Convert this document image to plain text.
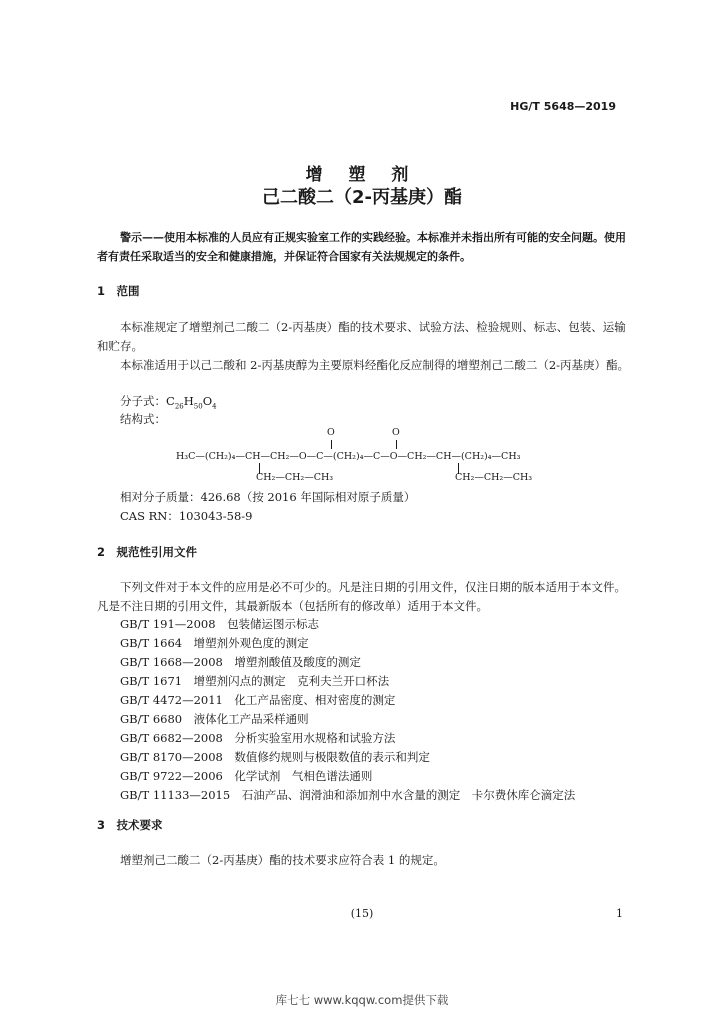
HG/T 5648—2019
增 塑 剂
己二酸二（2-丙基庚）酯
警示——使用本标准的人员应有正规实验室工作的实践经验。本标准并未指出所有可能的安全问题。使用者有责任采取适当的安全和健康措施，并保证符合国家有关法规规定的条件。
1　范围
本标准规定了增塑剂己二酸二（2-丙基庚）酯的技术要求、试验方法、检验规则、标志、包装、运输和贮存。
本标准适用于以己二酸和 2-丙基庚醇为主要原料经酯化反应制得的增塑剂己二酸二（2-丙基庚）酯。
分子式：$C_{26}H_{50}O_4$
结构式：
O	O
H₃C—(CH₂)₄—CH—CH₂—O—C—(CH₂)₄—C—O—CH₂—CH—(CH₂)₄—CH₃
CH₂—CH₂—CH₃	CH₂—CH₂—CH₃
相对分子质量：426.68（按 2016 年国际相对原子质量）
CAS RN：103043-58-9
2　规范性引用文件
下列文件对于本文件的应用是必不可少的。凡是注日期的引用文件，仅注日期的版本适用于本文件。凡是不注日期的引用文件，其最新版本（包括所有的修改单）适用于本文件。
GB/T 191—2008　 包装储运图示标志
GB/T 1664　 增塑剂外观色度的测定
GB/T 1668—2008　 增塑剂酸值及酸度的测定
GB/T 1671　 增塑剂闪点的测定　克利夫兰开口杯法
GB/T 4472—2011　 化工产品密度、相对密度的测定
GB/T 6680　 液体化工产品采样通则
GB/T 6682—2008　 分析实验室用水规格和试验方法
GB/T 8170—2008　 数值修约规则与极限数值的表示和判定
GB/T 9722—2006　 化学试剂　气相色谱法通则
GB/T 11133—2015　 石油产品、润滑油和添加剂中水含量的测定　卡尔费休库仑滴定法
3　技术要求
增塑剂己二酸二（2-丙基庚）酯的技术要求应符合表 1 的规定。
(15)	1
库七七 www.kqqw.com提供下载
